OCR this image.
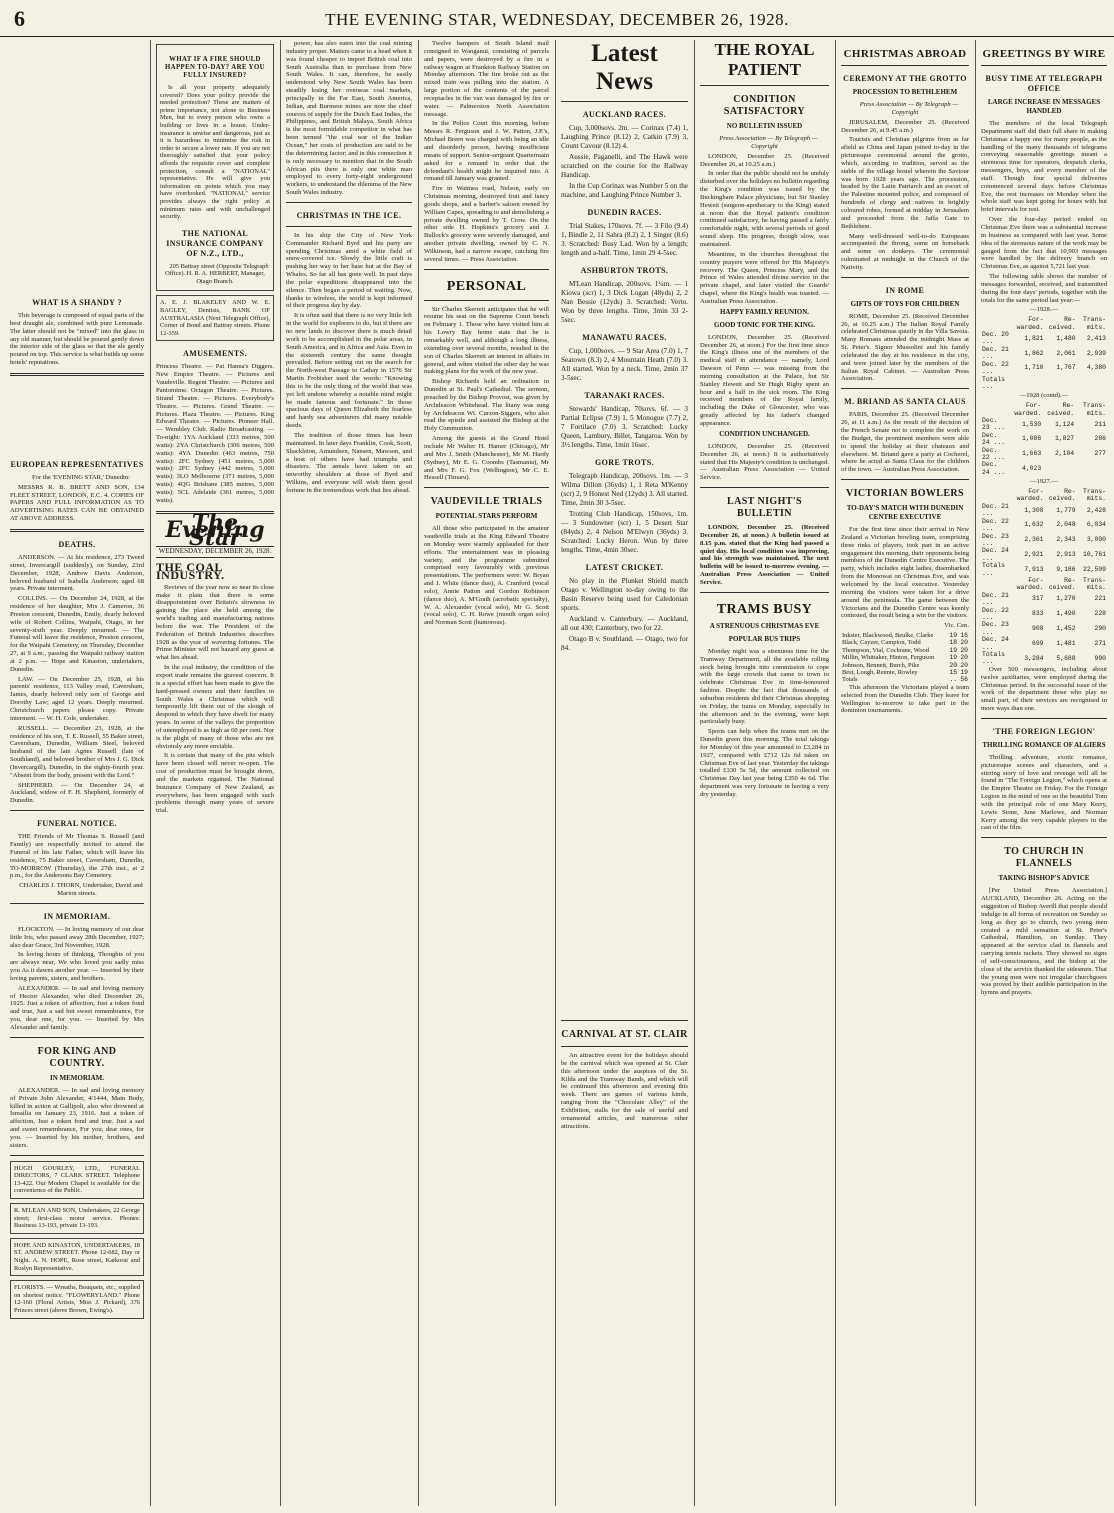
6	THE EVENING STAR, WEDNESDAY, DECEMBER 26, 1928.
WHAT IS A SHANDY ?

This beverage is composed of equal parts of the best draught ale, combined with pure Lemonade. The latter should not be "mixed" into the glass in any old manner, but should be poured gently down the interior side of the glass so that the ale gently poured on top. This service is what builds up some hotels' reputations.

EUROPEAN REPRESENTATIVES

For the 'EVENING STAR,' Dunedin:

MESSRS R. B. BRETT AND SON, 134 FLEET STREET, LONDON, E.C. 4. COPIES OF PAPERS AND FULL INFORMATION AS TO ADVERTISING RATES CAN BE OBTAINED AT ABOVE ADDRESS.

DEATHS.

ANDERSON. — At his residence, 273 Tweed street, Invercargill (suddenly), on Sunday, 23rd December, 1928, Andrew Davis Anderson, beloved husband of Isabella Anderson; aged 68 years. Private interment.

COLLINS. — On December 24, 1928, at the residence of her daughter, Mrs J. Cameron, 36 Preston crescent, Dunedin, Emily, dearly beloved wife of Robert Collins, Waipahi, Otago, in her seventy-sixth year. Deeply mourned. — The Funeral will leave the residence, Preston crescent, for the Waipahi Cemetery, on Thursday, December 27, at 9 a.m., passing the Waipahi railway station at 2 p.m. — Hope and Kinaston, undertakers, Dunedin.

LAW. — On December 25, 1928, at his parents' residence, 113 Valley road, Caversham, James, dearly beloved only son of George and Dorothy Law; aged 12 years. Deeply mourned. Christchurch papers please copy. Private interment. — W. H. Cole, undertaker.

RUSSELL. — December 23, 1928, at the residence of his son, T. E. Russell, 55 Baker street, Caversham, Dunedin, William Steel, beloved husband of the late Agnes Russell (late of Southland), and beloved brother of Mrs J. G. Dick (Invercargill), Dunedin, in the eighty-fourth year. "Absent from the body, present with the Lord."

SHEPHERD. — On December 24, at Auckland, widow of F. H. Shepherd, formerly of Dunedin.

FUNERAL NOTICE.

THE Friends of Mr Thomas S. Russell (and Family) are respectfully invited to attend the Funeral of his late Father, which will leave his residence, 75 Baker street, Caversham, Dunedin, TO-MORROW (Thursday), the 27th inst., at 2 p.m., for the Andersons Bay Cemetery.

CHARLES J. THORN, Undertaker, David and Marion streets.

IN MEMORIAM.

FLOCKTON. — In loving memory of our dear little Iris, who passed away 28th December, 1927; also dear Grace, 3rd November, 1928.

In loving hours of thinking, Thoughts of you are always near, We who loved you sadly miss you As it dawns another year. — Inserted by their loving parents, sisters, and brothers.

ALEXANDER. — In sad and loving memory of Hector Alexander, who died December 26, 1925. Just a token of affection, Just a token fond and true, Just a sad but sweet remembrance, For you, dear one, for you. — Inserted by Mrs Alexander and family.

FOR KING AND COUNTRY.
IN MEMORIAM.

ALEXANDER. — In sad and loving memory of Private John Alexander, 4/1444, Main Body, killed in action at Gallipoli, also who drowned at Ismailia on January 23, 1916. Just a token of affection, Just a token fond and true. Just a sad and sweet remembrance, For you, dear ones, for you. — Inserted by his mother, brothers, and sisters.

HUGH GOURLEY, LTD., FUNERAL DIRECTORS, 7 CLARK STREET. Telephone 13-422. Our Modern Chapel is available for the convenience of the Public.
R. M'LEAN AND SON, Undertakers, 22 George street; first-class motor service. Phones: Business 13-193, private 13-193.
HOPE AND KINASTON, UNDERTAKERS, 18 ST. ANDREW STREET. Phone 12-682, Day or Night. A. N. HOPE, Rose street, Kaikorai and Roslyn Representative.
FLORISTS. — Wreaths, Bouquets, etc., supplied on shortest notice. "FLOWERYLAND." Phone 12-160 (Floral Artists, Miss J. Pickard), 376 Princes street (above Brown, Ewing's).
WHAT IF A FIRE SHOULD HAPPEN TO-DAY? ARE YOU FULLY INSURED?

Is all your property adequately covered? Does your policy provide the needed protection? These are matters of prime importance, not alone to Business Men, but to every person who owns a building or lives in a house. Under-insurance is unwise and dangerous, just as it is hazardous to minimise the risk in order to secure a lower rate. If you are not thoroughly satisfied that your policy affords the requisite cover and complete protection, consult a "NATIONAL" representative. He will give you information on points which you may have overlooked. "NATIONAL" service provides always the right policy at minimum rates and with unchallenged security.

THE NATIONAL INSURANCE COMPANY OF N.Z., LTD.,

205 Battray street (Opposite Telegraph Office). H. R. A. HERBERT, Manager, Otago Branch.

A. E. J. BLAKELEY AND W. E. BAGLEY, Dentists, BANK OF AUSTRALASIA (Next Telegraph Office), Corner of Bond and Battray streets. Phone 12-359.
AMUSEMENTS.

Princess Theatre. — Pat Hanna's Diggers. New Empire Theatre. — Pictures and Vaudeville. Regent Theatre. — Pictures and Pantomime. Octagon Theatre. — Pictures. Strand Theatre. — Pictures. Everybody's Theatre. — Pictures. Grand Theatre. — Pictures. Plaza Theatre. — Pictures. King Edward Theatre. — Pictures. Pioneer Hall. — Wembley Club. Radio Broadcasting. — To-night: 1YA Auckland (333 metres, 500 watts): 2YA Christchurch (306 metres, 500 watts): 4YA Dunedin (463 metres, 750 watts): 2FC Sydney (451 metres, 5,000 watts): 2FC Sydney (442 metres, 5,000 watts): 3LO Melbourne (371 metres, 5,000 watts): 4QG Brisbane (385 metres, 5,000 watts): 5CL Adelaide (361 metres, 5,000 watts).

The Evening Star
WEDNESDAY, DECEMBER 26, 1928.
THE COAL INDUSTRY.

Reviews of the year now so near its close make it plain that there is some disappointment over Britain's slowness in gaining the place she held among the world's trading and manufacturing nations before the war. The President of the Federation of British Industries describes 1928 as the year of wavering fortunes. The Prime Minister will not hazard any guess at what lies ahead.

In the coal industry, the condition of the export trade remains the gravest concern. It is a special effort has been made to give the hard-pressed owners and their families in South Wales a Christmas which will temporarily lift them out of the slough of despond in which they have dwelt for many years. In some of the valleys the proportion of unemployed is as high as 60 per cent. Nor is the plight of many of those who are not obviously any more enviable.

It is certain that many of the pits which have been closed will never re-open. The cost of production must be brought down, and the markets regained. The National Insurance Company of New Zealand, as everywhere, has been engaged with such problems through many years of severe trial.

power, has also eaten into the coal mining industry proper. Matters came to a head when it was found cheaper to import British coal into South Australia than to purchase from New South Wales. It can, therefore, be easily understood why New South Wales has been steadily losing her overseas coal markets, principally in the Far East, South America, Indian, and Burmese mines are now the chief sources of supply for the Dutch East Indies, the Philippines, and British Malaya. South Africa is the most formidable competitor in what has been termed "the coal war of the Indian Ocean," her costs of production are said to be the determining factor; and in this connection it is only necessary to mention that in the South African pits there is only one white man employed to every forty-eight underground workers, to understand the dilemma of the New South Wales industry.

CHRISTMAS IN THE ICE.

In his ship the City of New York Commander Richard Byrd and his party are spending Christmas amid a white field of snow-covered ice. Slowly the little craft is pushing her way to her base hut at the Bay of Whales. So far all has gone well. In past days the polar expeditions disappeared into the silence. Then began a period of waiting. Now, thanks to wireless, the world is kept informed of their progress day by day.

It is often said that there is no very little left in the world for explorers to do, but if there are no new lands to discover there is much detail work to be accomplished in the polar areas, in South America, and in Africa and Asia. Even in the sixteenth century the same thought prevailed. Before setting out on the search for the North-west Passage to Cathay in 1576 Sir Martin Frobisher used the words: "Knowing this to be the only thing of the world that was yet left undone whereby a notable mind might be made famous and fortunate." In those spacious days of Queen Elizabeth the fearless and hardy sea adventurers did many notable deeds.

The tradition of those times has been maintained. In later days Franklin, Cook, Scott, Shackleton, Amundsen, Nansen, Mawson, and a host of others have had triumphs and disasters. The annals have taken on an unworthy shoulders at those of Byrd and Wilkins, and everyone will wish them good fortune in the tremendous work that lies ahead.

Twelve hampers of South Island mail consigned to Wanganui, consisting of parcels and papers, were destroyed by a fire in a railway wagon at Frankton Railway Station on Monday afternoon. The fire broke out as the mixed train was pulling into the station. A large portion of the contents of the parcel receptacles in the van was damaged by fire or water. — Palmerston North Association message.

In the Police Court this morning, before Messrs R. Ferguson and J. W. Patton, J.P.'s, Michael Breen was charged with being an idle and disorderly person, having insufficient means of support. Senior-sergeant Quartermain asked for a remand in order that the defendant's health might be inquired into. A remand till January was granted.

Fire in Waimea road, Nelson, early on Christmas morning, destroyed fruit and fancy goods shops, and a barber's saloon owned by William Capes, spreading to and demolishing a private dwelling owned by T. Crow. On the other side H. Hopkins's grocery and J. Bullock's grocery were severely damaged, and another private dwelling, owned by C. N. Wilkinson, had a narrow escape, catching fire several times. — Press Association.

PERSONAL

Sir Charles Skerrett anticipates that he will resume his seat on the Supreme Court bench on February 1. Those who have visited him at his Lowry Bay home state that he is remarkably well, and although a long illness, extending over several months, resulted in the son of Charles Skerrett an interest in affairs in general, and when visited the other day he was making plans for the work of the new year.

Bishop Richards held an ordination in Dunedin at St. Paul's Cathedral. The sermon, preached by the Bishop Provost, was given by Archdeacon Whitehead. The litany was sung by Archdeacon Wt. Curzon-Siggers, who also read the epistle and assisted the Bishop at the Holy Communion.

Among the guests at the Grand Hotel include Mr Walter H. Hamer (Chicago), Mr and Mrs J. Smith (Manchester), Mr M. Hardy (Sydney), Mr E. G. Coombs (Tasmania), Mr and Mrs F. G. Fox (Wellington), Mr C. E. Hessell (Timaru).

VAUDEVILLE TRIALS
POTENTIAL STARS PERFORM

All those who participated in the amateur vaudeville trials at the King Edward Theatre on Monday were warmly applauded for their efforts. The entertainment was in pleasing variety, and the programme submitted comprised very favourably with previous presentations. The performers were: W. Bryan and J. White (dance duo), A. Cranford (vocal solo), Annie Patton and Gordon Robinson (dance duo), A. M'Grath (acrobatic specialty), W. A. Alexander (vocal solo), Mr G. Scott (vocal solo), C. H. Rowe (mouth organ solo) and Norman Scott (humorous).

Latest News
AUCKLAND RACES.

Cup, 3,000sovs. 2m. — Corinax (7.4) 1, Laughing Prince (8.12) 2, Catkin (7.9) 3, Count Cavour (8.12) 4.

Aussie, Paganelli, and The Hawk were scratched on the course for the Railway Handicap.

In the Cup Corinax was Number 5 on the machine, and Laughing Prince Number 3.

DUNEDIN RACES.

Trial Stakes, 170sovs. 7f. — 3 Filo (9.4) 1, Bindle 2, 11 Sahra (8.2) 2, 1 Singer (8.6) 3. Scratched: Busy Lad. Won by a length; length and a-half. Time, 1min 29 4-5sec.

ASHBURTON TROTS.

M'Lean Handicap, 200sovs. 1¼m. — 1 Kiowa (scr) 1, 3 Dick Logan (48yds) 2, 2 Nan Bessie (12yds) 3. Scratched: Verto. Won by three lengths. Time, 3min 33 2-5sec.

MANAWATU RACES.

Cup, 1,000sovs. — 9 Star Area (7.0) 1, 7 Seatown (8.3) 2, 4 Mountain Heath (7.0) 3. All started. Won by a neck. Time, 2min 37 3-5sec.

TARANAKI RACES.

Stewards' Handicap, 70sovs. 6f. — 3 Partial Eclipse (7.9) 1, 5 Monogue (7.7) 2, 7 Fortilace (7.0) 3. Scratched: Lucky Queen, Lambury, Billet, Tangaroa. Won by 3½ lengths. Time, 1min 16sec.

GORE TROTS.

Telegraph Handicap, 200sovs. 1m. — 3 Wilma Dillon (36yds) 1, 1 Reta M'Kenny (scr) 2, 9 Honest Ned (12yds) 3. All started. Time, 2min 30 3-5sec.

Trotting Club Handicap, 150sovs, 1m. — 3 Sundowner (scr) 1, 5 Desert Star (84yds) 2, 4 Nelson M'Elwyn (36yds) 3. Scratched: Lucky Heron. Won by three lengths. Time, 4min 30sec.

LATEST CRICKET.

No play in the Plunket Shield match Otago v. Wellington to-day owing to the Basin Reserve being used for Caledonian sports.

Auckland v. Canterbury. — Auckland, all out 430; Canterbury, two for 22.

Otago B v. Southland. — Otago, two for 84.

CARNIVAL AT ST. CLAIR

An attractive event for the holidays should be the carnival which was opened at St. Clair this afternoon under the auspices of the St. Kilda and the Tramway Bands, and which will be continued this afternoon and evening this week. There are games of various kinds, ranging from the "Chocolate Alley" of the Exhibition, stalls for the sale of useful and ornamental articles, and numerous other attractions.

THE ROYAL PATIENT
CONDITION SATISFACTORY
NO BULLETIN ISSUED

Press Association — By Telegraph — Copyright

LONDON, December 25. (Received December 26, at 10.25 a.m.)

In order that the public should not be unduly disturbed over the holidays no bulletin regarding the King's condition was issued by the Buckingham Palace physicians, but Sir Stanley Hewett (surgeon-apothecary to the King) stated at noon that the Royal patient's condition continued satisfactory, he having passed a fairly comfortable night, with several periods of good sound sleep. His progress, though slow, was maintained.

Meantime, in the churches throughout the country prayers were offered for His Majesty's recovery. The Queen, Princess Mary, and the Prince of Wales attended divine service in the private chapel, and later visited the Guards' chapel, where the King's health was toasted. — Australian Press Association.

HAPPY FAMILY REUNION.
GOOD TONIC FOR THE KING.

LONDON, December 25. (Received December 26, at noon.) For the first time since the King's illness one of the members of the medical staff in attendance — namely, Lord Dawson of Penn — was missing from the morning consultation at the Palace, but Sir Stanley Hewett and Sir Hugh Rigby spent an hour and a half in the sick room. The King received members of the Royal family, including the Duke of Gloucester, who was greatly affected by his father's changed appearance.

CONDITION UNCHANGED.

LONDON, December 25. (Received December 26, at noon.) It is authoritatively stated that His Majesty's condition is unchanged. — Australian Press Association — United Service.

LAST NIGHT'S BULLETIN

LONDON, December 25. (Received December 26, at noon.) A bulletin issued at 8.15 p.m. stated that the King had passed a quiet day. His local condition was improving, and his strength was maintained. The next bulletin will be issued to-morrow evening. — Australian Press Association — United Service.

TRAMS BUSY
A STRENUOUS CHRISTMAS EVE
POPULAR BUS TRIPS

Monday night was a strenuous time for the Tramway Department, all the available rolling stock being brought into commission to cope with the large crowds that came to town to celebrate Christmas Eve in time-honoured fashion. Despite the fact that thousands of suburban residents did their Christmas shopping on Friday, the trams on Monday, especially in the afternoon and in the evening, were kept particularly busy.

Sports can help when the teams met on the Dunedin green this morning. The total takings for Monday of this year amounted to £3,284 in 1927, compared with £712 12s 6d taken on Christmas Eve of last year. Yesterday the takings totalled £330 5s 5d, the amount collected on Christmas Day last year being £350 4s 6d. The department was very fortunate in having a very dry yesterday.

CHRISTMAS ABROAD
CEREMONY AT THE GROTTO
PROCESSION TO BETHLEHEM

Press Association — By Telegraph — Copyright

JERUSALEM, December 25. (Received December 26, at 9.45 a.m.)

Tourists and Christian pilgrims from as far afield as China and Japan joined to-day in the picturesque ceremonial around the grotto, which, according to tradition, served as the stable of the village hostel wherein the Saviour was born 1928 years ago. The procession, headed by the Latin Patriarch and an escort of the Palestine mounted police, and composed of hundreds of clergy and natives in brightly coloured robes, formed at midday in Jerusalem and proceeded from the Jaffa Gate to Bethlehem.

Many well-dressed well-to-do Europeans accompanied the throng, some on horseback and some on donkeys. The ceremonial culminated at midnight in the Church of the Nativity.

IN ROME
GIFTS OF TOYS FOR CHILDREN

ROME, December 25. (Received December 26, at 10.25 a.m.) The Italian Royal Family celebrated Christmas quietly in the Villa Savoia. Many Romans attended the midnight Mass at St. Peter's. Signor Mussolini and his family celebrated the day at his residence in the city, and were joined later by the members of the Italian Royal Cabinet. — Australian Press Association.

M. BRIAND AS SANTA CLAUS

PARIS, December 25. (Received December 26, at 11 a.m.) As the result of the decision of the French Senate not to complete the work on the Budget, the prominent members were able to spend the holiday at their chateaux and elsewhere. M. Briand gave a party at Cocherel, where he acted as Santa Claus for the children of the town. — Australian Press Association.

VICTORIAN BOWLERS
TO-DAY'S MATCH WITH DUNEDIN CENTRE EXECUTIVE

For the first time since their arrival in New Zealand a Victorian bowling team, comprising three rinks of players, took part in an active engagement this morning, their opponents being members of the Dunedin Centre Executive. The party, which includes eight ladies, disembarked from the Monowai on Christmas Eve, and was welcomed by the local executive. Yesterday morning the visitors were taken for a drive around the peninsula. The game between the Victorians and the Dunedin Centre was keenly contested, the result being a win for the visitors.

Vic. Cen.
Inkster, Blackwood, Beulke, Clarke	19	16
Black, Cayzer, Campion, Todd	18	20
Thompson, Vial, Cochrane, Wood	19	20
Millin, Whittaker, Hinton, Ferguson	19	20
Johnson, Bennett, Burch, Pike	20	20
Best, Lough, Rennie, Rowley	15	19
Totals	..	56

This afternoon the Victorians played a team selected from the Dunedin Club. They leave for Wellington to-morrow to take part in the dominion tournaments.

GREETINGS BY WIRE
BUSY TIME AT TELEGRAPH OFFICE
LARGE INCREASE IN MESSAGES HANDLED

The members of the local Telegraph Department staff did their full share in making Christmas a happy one for many people, as the handling of the many thousands of telegrams conveying seasonable greetings meant a strenuous time for operators, despatch clerks, messengers, boys, and every member of the staff. Though four special deliveries commenced several days before Christmas Eve, the rest increases on Monday when the whole staff was kept going for hours with but brief intervals for rest.

Over the four-day period ended on Christmas Eve there was a substantial increase in business as compared with last year. Some idea of the strenuous nature of the work may be gauged from the fact that 10,903 messages were handled by the delivery branch on Christmas Eve, as against 5,721 last year.

The following table shows the number of messages forwarded, received, and transmitted during the four days' periods, together with the totals for the same period last year:—

—1928.—
	For-warded.	Re-ceived.	Trans-mits.
Dec. 20 ...	1,821	1,480	2,413
Dec. 21 ...	1,862	2,061	2,939
Dec. 22 ...	1,710	1,767	4,380
Totals ...			
—1928 (contd).—
	For-warded.	Re-ceived.	Trans-mits.
Dec. 23 ...	1,530	1,124	211
Dec. 24 ...	1,086	1,827	286
Dec. 22 ...	1,663	2,104	277
Dec. 24 ...	4,023		
—1927.—
	For-warded.	Re-ceived.	Trans-mits.
Dec. 21 ...	1,308	1,779	2,428
Dec. 22 ...	1,632	2,048	6,034
Dec. 23 ...	2,361	2,343	3,000
Dec. 24 ...	2,921	2,913	10,761
Totals ...	7,913	9,186	22,509
	For-warded.	Re-ceived.	Trans-mits.
Dec. 21 ...	317	1,270	221
Dec. 22 ...	833	1,490	228
Dec. 23 ...	908	1,452	290
Dec. 24 ...	699	1,481	271
Totals ...	3,284	5,688	990

Over 500 messengers, including about twelve auxiliaries, were employed during the Christmas period. In the successful issue of the work of the department those who play no small part, of their services are recognised in more ways than one.

'THE FOREIGN LEGION'
THRILLING ROMANCE OF ALGIERS

Thrilling adventure, exotic romance, picturesque scenes and characters, and a stirring story of love and revenge will all be found in "The Foreign Legion," which opens at the Empire Theatre on Friday. For the Foreign Legion in the mind of one so the beautiful Tom with the principal role of one Mary Kerry, Lewis Stone, June Marlowe, and Norman Kerry among the very capable players in the cast of the film.

TO CHURCH IN FLANNELS
TAKING BISHOP'S ADVICE

[Per United Press Association.] AUCKLAND, December 26. Acting on the suggestion of Bishop Averill that people should indulge in all forms of recreation on Sunday so long as they go to church, two young men created a mild sensation at St. Peter's Cathedral, Hamilton, on Sunday. They appeared at the service clad in flannels and carrying tennis rackets. They showed no signs of self-consciousness, and the bishop at the close of the service thanked the sidesmen. That the young men were not irregular churchgoers was proved by their audible participation in the hymns and prayers.
